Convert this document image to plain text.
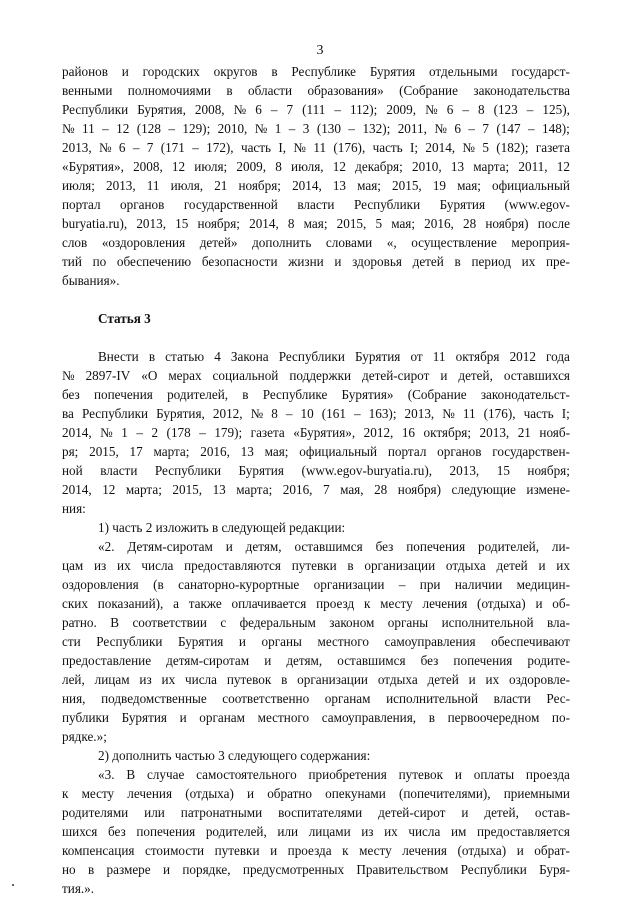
3
районов и городских округов в Республике Бурятия отдельными государст-
венными полномочиями в области образования» (Собрание законодательства
Республики Бурятия, 2008, № 6 – 7 (111 – 112); 2009, № 6 – 8 (123 – 125),
№ 11 – 12 (128 – 129); 2010, № 1 – 3 (130 – 132); 2011, № 6 – 7 (147 – 148);
2013, № 6 – 7 (171 – 172), часть I, № 11 (176), часть I; 2014, № 5 (182); газета
«Бурятия», 2008, 12 июля; 2009, 8 июля, 12 декабря; 2010, 13 марта; 2011, 12
июля; 2013, 11 июля, 21 ноября; 2014, 13 мая; 2015, 19 мая; официальный
портал органов государственной власти Республики Бурятия (www.egov-
buryatia.ru), 2013, 15 ноября; 2014, 8 мая; 2015, 5 мая; 2016, 28 ноября) после
слов «оздоровления детей» дополнить словами «, осуществление мероприя-
тий по обеспечению безопасности жизни и здоровья детей в период их пре-
бывания».
Статья 3
Внести в статью 4 Закона Республики Бурятия от 11 октября 2012 года
№ 2897-IV «О мерах социальной поддержки детей-сирот и детей, оставшихся
без попечения родителей, в Республике Бурятия» (Собрание законодательст-
ва Республики Бурятия, 2012, № 8 – 10 (161 – 163); 2013, № 11 (176), часть I;
2014, № 1 – 2 (178 – 179); газета «Бурятия», 2012, 16 октября; 2013, 21 нояб-
ря; 2015, 17 марта; 2016, 13 мая; официальный портал органов государствен-
ной власти Республики Бурятия (www.egov-buryatia.ru), 2013, 15 ноября;
2014, 12 марта; 2015, 13 марта; 2016, 7 мая, 28 ноября) следующие измене-
ния:
1) часть 2 изложить в следующей редакции:
«2. Детям-сиротам и детям, оставшимся без попечения родителей, ли-
цам из их числа предоставляются путевки в организации отдыха детей и их
оздоровления (в санаторно-курортные организации – при наличии медицин-
ских показаний), а также оплачивается проезд к месту лечения (отдыха) и об-
ратно. В соответствии с федеральным законом органы исполнительной вла-
сти Республики Бурятия и органы местного самоуправления обеспечивают
предоставление детям-сиротам и детям, оставшимся без попечения родите-
лей, лицам из их числа путевок в организации отдыха детей и их оздоровле-
ния, подведомственные соответственно органам исполнительной власти Рес-
публики Бурятия и органам местного самоуправления, в первоочередном по-
рядке.»;
2) дополнить частью 3 следующего содержания:
«3. В случае самостоятельного приобретения путевок и оплаты проезда
к месту лечения (отдыха) и обратно опекунами (попечителями), приемными
родителями или патронатными воспитателями детей-сирот и детей, остав-
шихся без попечения родителей, или лицами из их числа им предоставляется
компенсация стоимости путевки и проезда к месту лечения (отдыха) и обрат-
но в размере и порядке, предусмотренных Правительством Республики Буря-
тия.».
